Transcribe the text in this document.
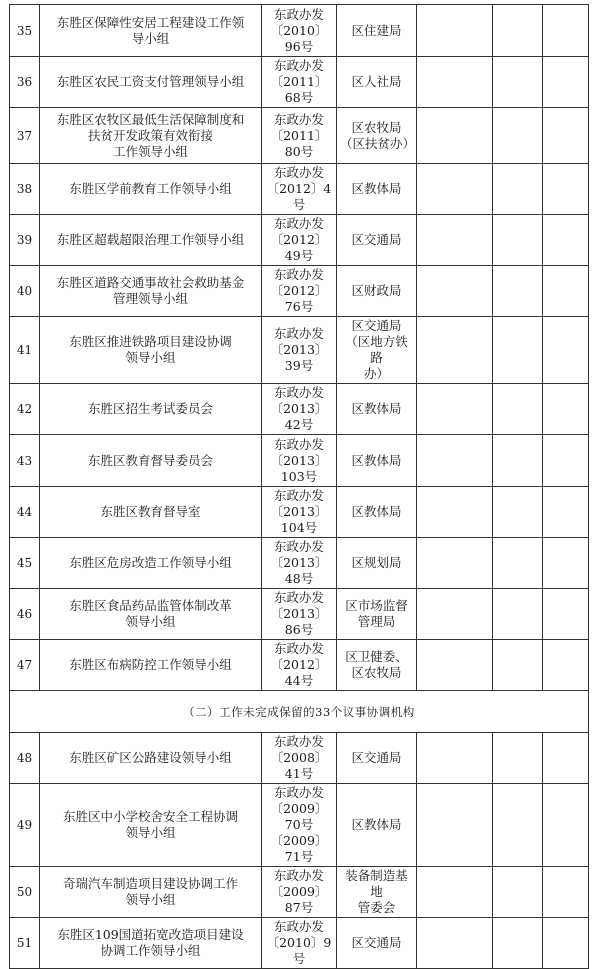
35	东胜区保障性安居工程建设工作领
导小组	东政办发
〔2010〕96号	区住建局			

36	东胜区农民工资支付管理领导小组	东政办发
〔2011〕68号	区人社局			

37	东胜区农牧区最低生活保障制度和
扶贫开发政策有效衔接
工作领导小组	东政办发
〔2011〕80号	区农牧局
（区扶贫办）			

38	东胜区学前教育工作领导小组	东政办发
〔2012〕4号	区教体局			

39	东胜区超载超限治理工作领导小组	东政办发
〔2012〕49号	区交通局			

40	东胜区道路交通事故社会救助基金
管理领导小组	东政办发
〔2012〕76号	区财政局			

41	东胜区推进铁路项目建设协调
领导小组	东政办发
〔2013〕39号	区交通局
（区地方铁路
办）			

42	东胜区招生考试委员会	东政办发
〔2013〕42号	区教体局			

43	东胜区教育督导委员会	东政办发
〔2013〕103号	区教体局			

44	东胜区教育督导室	东政办发
〔2013〕104号	区教体局			

45	东胜区危房改造工作领导小组	东政办发
〔2013〕48号	区规划局			

46	东胜区食品药品监管体制改革
领导小组	东政办发
〔2013〕86号	区市场监督
管理局			

47	东胜区布病防控工作领导小组	东政办发
〔2012〕44号	区卫健委、
区农牧局			

（二）工作未完成保留的33个议事协调机构						
48	东胜区矿区公路建设领导小组	东政办发
〔2008〕41号	区交通局			

49	东胜区中小学校舍安全工程协调
领导小组	东政办发
〔2009〕70号
〔2009〕71号	区教体局			

50	奇瑞汽车制造项目建设协调工作
领导小组	东政办发
〔2009〕87号	装备制造基地
管委会			

51	东胜区109国道拓宽改造项目建设
协调工作领导小组	东政办发
〔2010〕9号	区交通局			
